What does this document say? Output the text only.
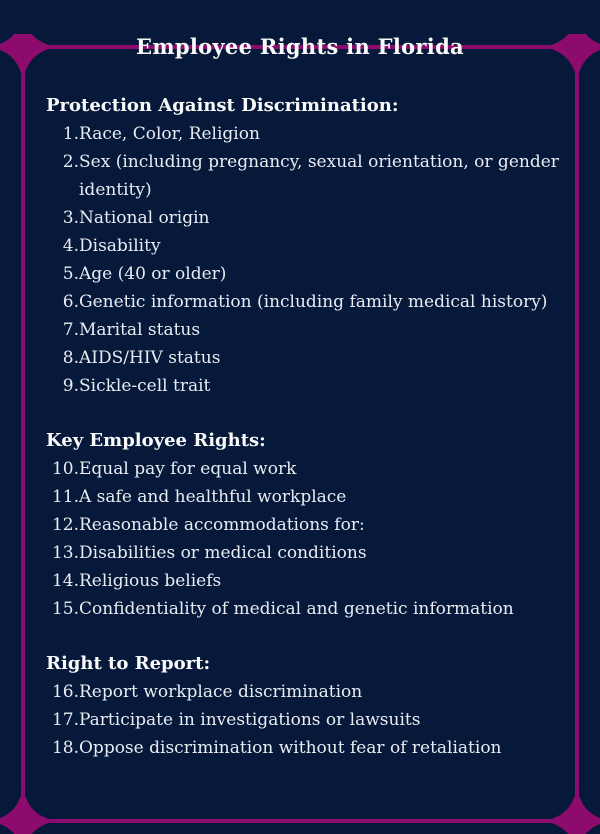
Employee Rights in Florida
Protection Against Discrimination:
1. Race, Color, Religion
2. Sex (including pregnancy, sexual orientation, or gender identity)
3. National origin
4. Disability
5. Age (40 or older)
6. Genetic information (including family medical history)
7. Marital status
8. AIDS/HIV status
9. Sickle-cell trait
Key Employee Rights:
10. Equal pay for equal work
11. A safe and healthful workplace
12. Reasonable accommodations for:
13. Disabilities or medical conditions
14. Religious beliefs
15. Confidentiality of medical and genetic information
Right to Report:
16. Report workplace discrimination
17. Participate in investigations or lawsuits
18. Oppose discrimination without fear of retaliation
